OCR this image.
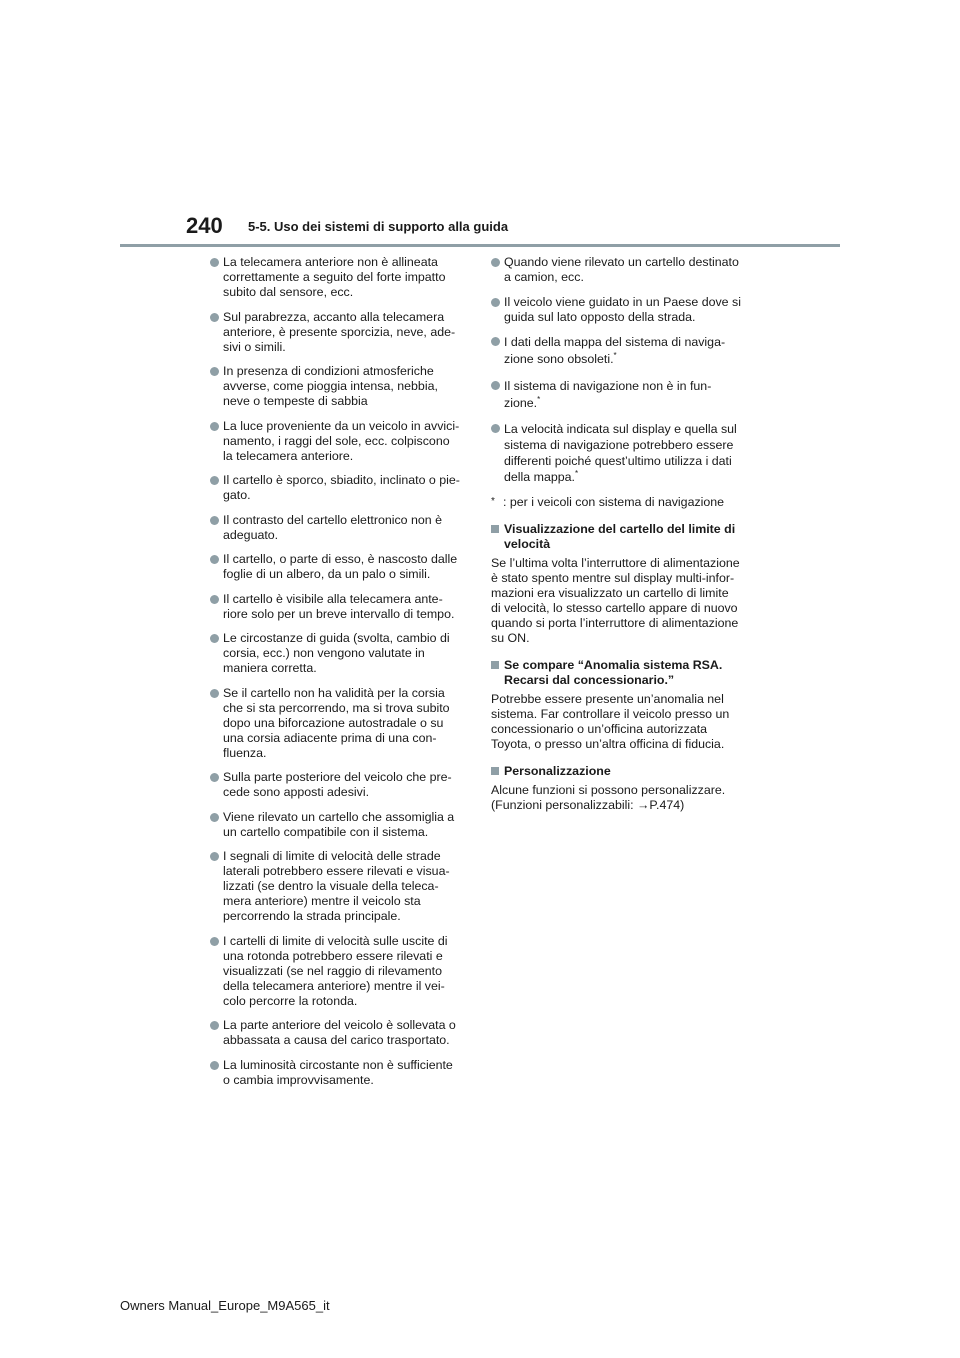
240 5-5. Uso dei sistemi di supporto alla guida
La telecamera anteriore non è allineata
correttamente a seguito del forte impatto
subito dal sensore, ecc.
Sul parabrezza, accanto alla telecamera
anteriore, è presente sporcizia, neve, ade-
sivi o simili.
In presenza di condizioni atmosferiche
avverse, come pioggia intensa, nebbia,
neve o tempeste di sabbia
La luce proveniente da un veicolo in avvici-
namento, i raggi del sole, ecc. colpiscono
la telecamera anteriore.
Il cartello è sporco, sbiadito, inclinato o pie-
gato.
Il contrasto del cartello elettronico non è
adeguato.
Il cartello, o parte di esso, è nascosto dalle
foglie di un albero, da un palo o simili.
Il cartello è visibile alla telecamera ante-
riore solo per un breve intervallo di tempo.
Le circostanze di guida (svolta, cambio di
corsia, ecc.) non vengono valutate in
maniera corretta.
Se il cartello non ha validità per la corsia
che si sta percorrendo, ma si trova subito
dopo una biforcazione autostradale o su
una corsia adiacente prima di una con-
fluenza.
Sulla parte posteriore del veicolo che pre-
cede sono apposti adesivi.
Viene rilevato un cartello che assomiglia a
un cartello compatibile con il sistema.
I segnali di limite di velocità delle strade
laterali potrebbero essere rilevati e visua-
lizzati (se dentro la visuale della teleca-
mera anteriore) mentre il veicolo sta
percorrendo la strada principale.
I cartelli di limite di velocità sulle uscite di
una rotonda potrebbero essere rilevati e
visualizzati (se nel raggio di rilevamento
della telecamera anteriore) mentre il vei-
colo percorre la rotonda.
La parte anteriore del veicolo è sollevata o
abbassata a causa del carico trasportato.
La luminosità circostante non è sufficiente
o cambia improvvisamente.
Quando viene rilevato un cartello destinato
a camion, ecc.
Il veicolo viene guidato in un Paese dove si
guida sul lato opposto della strada.
I dati della mappa del sistema di naviga-
zione sono obsoleti.*
Il sistema di navigazione non è in fun-
zione.*
La velocità indicata sul display e quella sul
sistema di navigazione potrebbero essere
differenti poiché quest’ultimo utilizza i dati
della mappa.*
* : per i veicoli con sistema di navigazione
Visualizzazione del cartello del limite di
velocità
Se l’ultima volta l’interruttore di alimentazione
è stato spento mentre sul display multi-infor-
mazioni era visualizzato un cartello di limite
di velocità, lo stesso cartello appare di nuovo
quando si porta l’interruttore di alimentazione
su ON.
Se compare “Anomalia sistema RSA.
Recarsi dal concessionario.”
Potrebbe essere presente un’anomalia nel
sistema. Far controllare il veicolo presso un
concessionario o un’officina autorizzata
Toyota, o presso un’altra officina di fiducia.
Personalizzazione
Alcune funzioni si possono personalizzare.
(Funzioni personalizzabili: →P.474)
Owners Manual_Europe_M9A565_it
